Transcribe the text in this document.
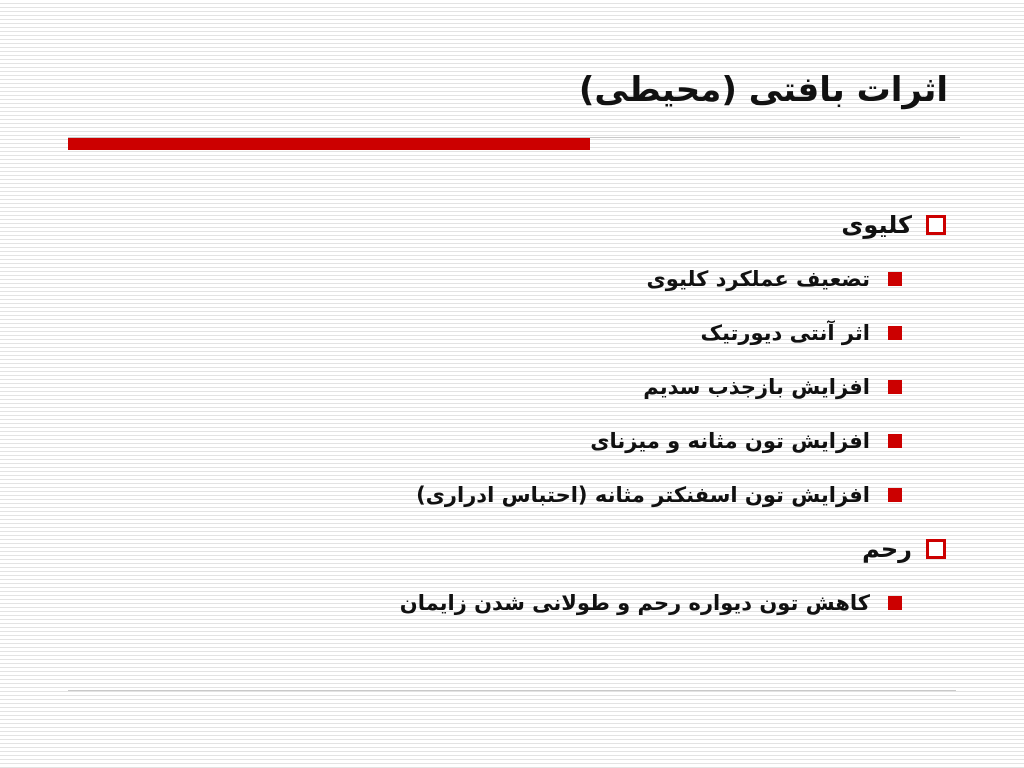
اثرات بافتی (محیطی)
کلیوی
تضعیف عملکرد کلیوی
اثر آنتی دیورتیک
افزایش بازجذب سدیم
افزایش تون مثانه و میزنای
افزایش تون اسفنکتر مثانه (احتباس ادراری)
رحم
کاهش تون دیواره رحم و طولانی شدن زایمان
